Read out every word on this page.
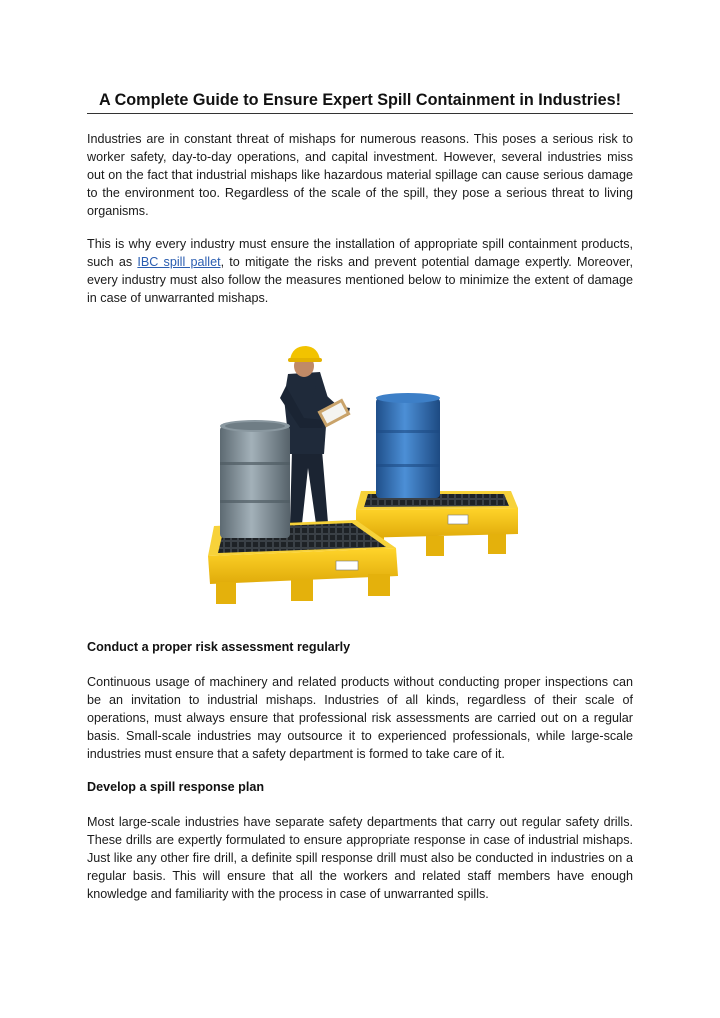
A Complete Guide to Ensure Expert Spill Containment in Industries!

Industries are in constant threat of mishaps for numerous reasons. This poses a serious risk to worker safety, day-to-day operations, and capital investment. However, several industries miss out on the fact that industrial mishaps like hazardous material spillage can cause serious damage to the environment too. Regardless of the scale of the spill, they pose a serious threat to living organisms.

This is why every industry must ensure the installation of appropriate spill containment products, such as IBC spill pallet, to mitigate the risks and prevent potential damage expertly. Moreover, every industry must also follow the measures mentioned below to minimize the extent of damage in case of unwarranted mishaps.

Conduct a proper risk assessment regularly

Continuous usage of machinery and related products without conducting proper inspections can be an invitation to industrial mishaps. Industries of all kinds, regardless of their scale of operations, must always ensure that professional risk assessments are carried out on a regular basis. Small-scale industries may outsource it to experienced professionals, while large-scale industries must ensure that a safety department is formed to take care of it.

Develop a spill response plan

Most large-scale industries have separate safety departments that carry out regular safety drills. These drills are expertly formulated to ensure appropriate response in case of industrial mishaps. Just like any other fire drill, a definite spill response drill must also be conducted in industries on a regular basis. This will ensure that all the workers and related staff members have enough knowledge and familiarity with the process in case of unwarranted spills.
